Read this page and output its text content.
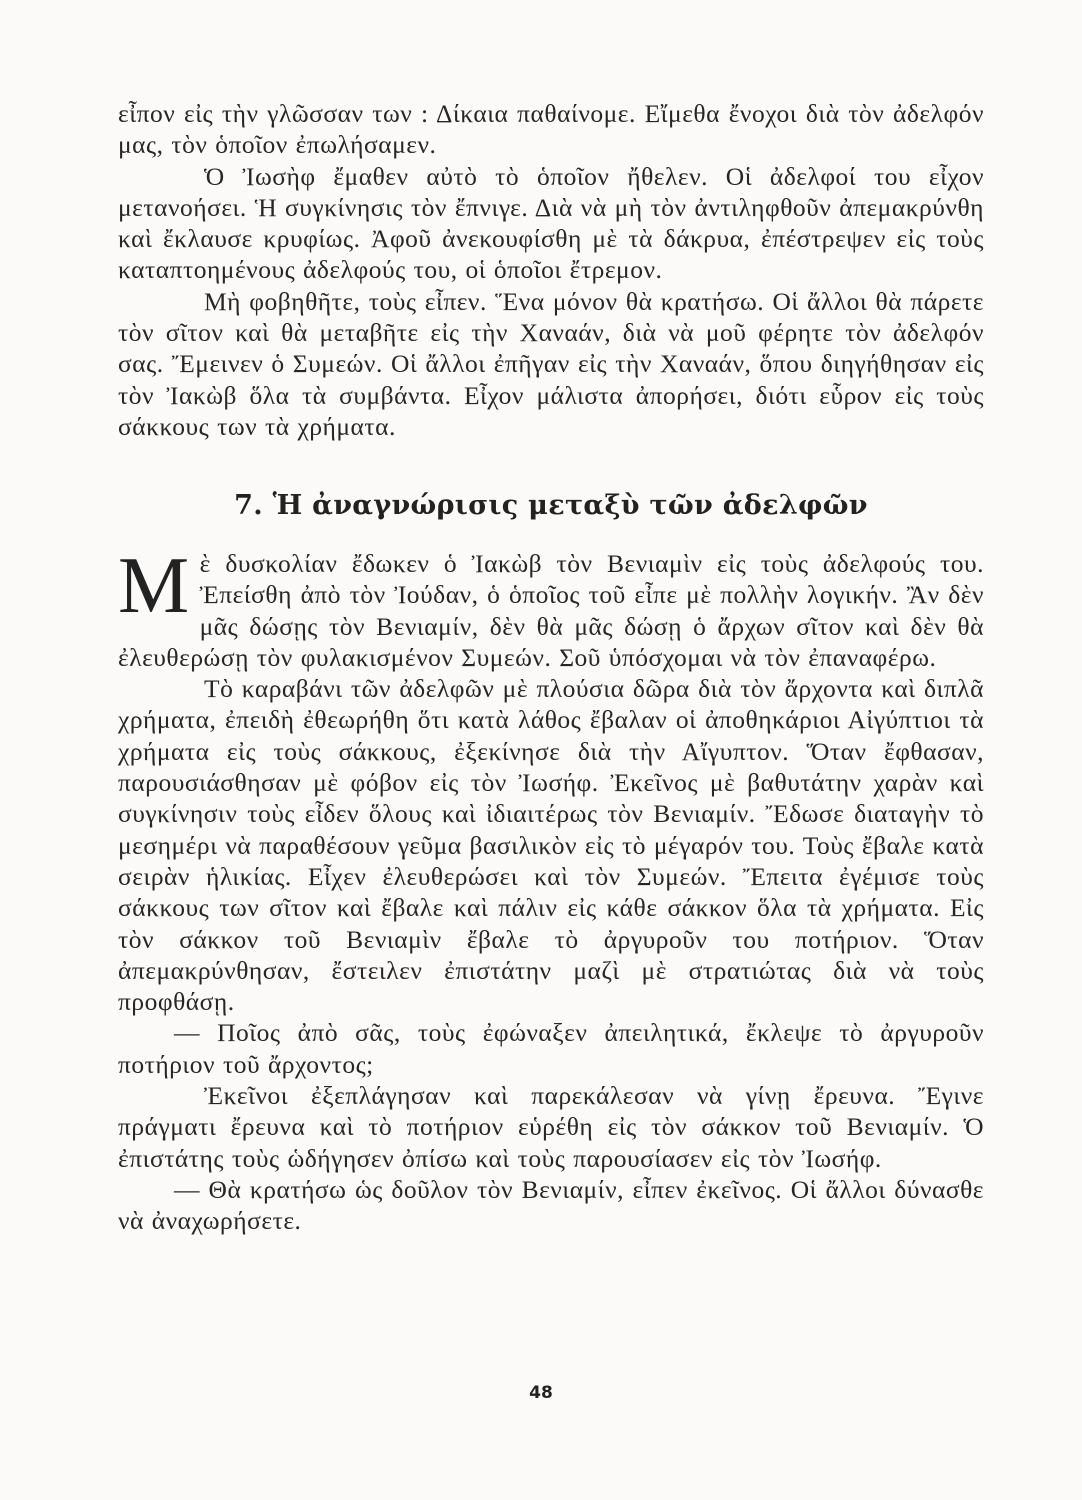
εἶπον εἰς τὴν γλῶσσαν των : Δίκαια παθαίνομε. Εἴμεθα ἔνοχοι διὰ τὸν ἀδελφόν μας, τὸν ὁποῖον ἐπωλήσαμεν.

Ὁ Ἰωσὴφ ἔμαθεν αὐτὸ τὸ ὁποῖον ἤθελεν. Οἱ ἀδελφοί του εἶχον μετανοήσει. Ἡ συγκίνησις τὸν ἔπνιγε. Διὰ νὰ μὴ τὸν ἀντιληφθοῦν ἀπεμακρύνθη καὶ ἔκλαυσε κρυφίως. Ἀφοῦ ἀνεκουφίσθη μὲ τὰ δάκρυα, ἐπέστρεψεν εἰς τοὺς καταπτοημένους ἀδελφούς του, οἱ ὁποῖοι ἔτρεμον.

Μὴ φοβηθῆτε, τοὺς εἶπεν. Ἕνα μόνον θὰ κρατήσω. Οἱ ἄλλοι θὰ πάρετε τὸν σῖτον καὶ θὰ μεταβῆτε εἰς τὴν Χαναάν, διὰ νὰ μοῦ φέρητε τὸν ἀδελφόν σας. Ἔμεινεν ὁ Συμεών. Οἱ ἄλλοι ἐπῆγαν εἰς τὴν Χαναάν, ὅπου διηγήθησαν εἰς τὸν Ἰακὼβ ὅλα τὰ συμβάντα. Εἶχον μάλιστα ἀπορήσει, διότι εὗρον εἰς τοὺς σάκκους των τὰ χρήματα.

7. Ἡ ἀναγνώρισις μεταξὺ τῶν ἀδελφῶν

Μὲ δυσκολίαν ἔδωκεν ὁ Ἰακὼβ τὸν Βενιαμὶν εἰς τοὺς ἀδελφούς του. Ἐπείσθη ἀπὸ τὸν Ἰούδαν, ὁ ὁποῖος τοῦ εἶπε μὲ πολλὴν λογικήν. Ἂν δὲν μᾶς δώσῃς τὸν Βενιαμίν, δὲν θὰ μᾶς δώσῃ ὁ ἄρχων σῖτον καὶ δὲν θὰ ἐλευθερώσῃ τὸν φυλακισμένον Συμεών. Σοῦ ὑπόσχομαι νὰ τὸν ἐπαναφέρω.

Τὸ καραβάνι τῶν ἀδελφῶν μὲ πλούσια δῶρα διὰ τὸν ἄρχοντα καὶ διπλᾶ χρήματα, ἐπειδὴ ἐθεωρήθη ὅτι κατὰ λάθος ἔβαλαν οἱ ἀποθηκάριοι Αἰγύπτιοι τὰ χρήματα εἰς τοὺς σάκκους, ἐξεκίνησε διὰ τὴν Αἴγυπτον. Ὅταν ἔφθασαν, παρουσιάσθησαν μὲ φόβον εἰς τὸν Ἰωσήφ. Ἐκεῖνος μὲ βαθυτάτην χαρὰν καὶ συγκίνησιν τοὺς εἶδεν ὅλους καὶ ἰδιαιτέρως τὸν Βενιαμίν. Ἔδωσε διαταγὴν τὸ μεσημέρι νὰ παραθέσουν γεῦμα βασιλικὸν εἰς τὸ μέγαρόν του. Τοὺς ἔβαλε κατὰ σειρὰν ἡλικίας. Εἶχεν ἐλευθερώσει καὶ τὸν Συμεών. Ἔπειτα ἐγέμισε τοὺς σάκκους των σῖτον καὶ ἔβαλε καὶ πάλιν εἰς κάθε σάκκον ὅλα τὰ χρήματα. Εἰς τὸν σάκκον τοῦ Βενιαμὶν ἔβαλε τὸ ἀργυροῦν του ποτήριον. Ὅταν ἀπεμακρύνθησαν, ἔστειλεν ἐπιστάτην μαζὶ μὲ στρατιώτας διὰ νὰ τοὺς προφθάσῃ.

— Ποῖος ἀπὸ σᾶς, τοὺς ἐφώναξεν ἀπειλητικά, ἔκλεψε τὸ ἀργυροῦν ποτήριον τοῦ ἄρχοντος;

Ἐκεῖνοι ἐξεπλάγησαν καὶ παρεκάλεσαν νὰ γίνῃ ἔρευνα. Ἔγινε πράγματι ἔρευνα καὶ τὸ ποτήριον εὑρέθη εἰς τὸν σάκκον τοῦ Βενιαμίν. Ὁ ἐπιστάτης τοὺς ὡδήγησεν ὀπίσω καὶ τοὺς παρουσίασεν εἰς τὸν Ἰωσήφ.

— Θὰ κρατήσω ὡς δοῦλον τὸν Βενιαμίν, εἶπεν ἐκεῖνος. Οἱ ἄλλοι δύνασθε νὰ ἀναχωρήσετε.

48
